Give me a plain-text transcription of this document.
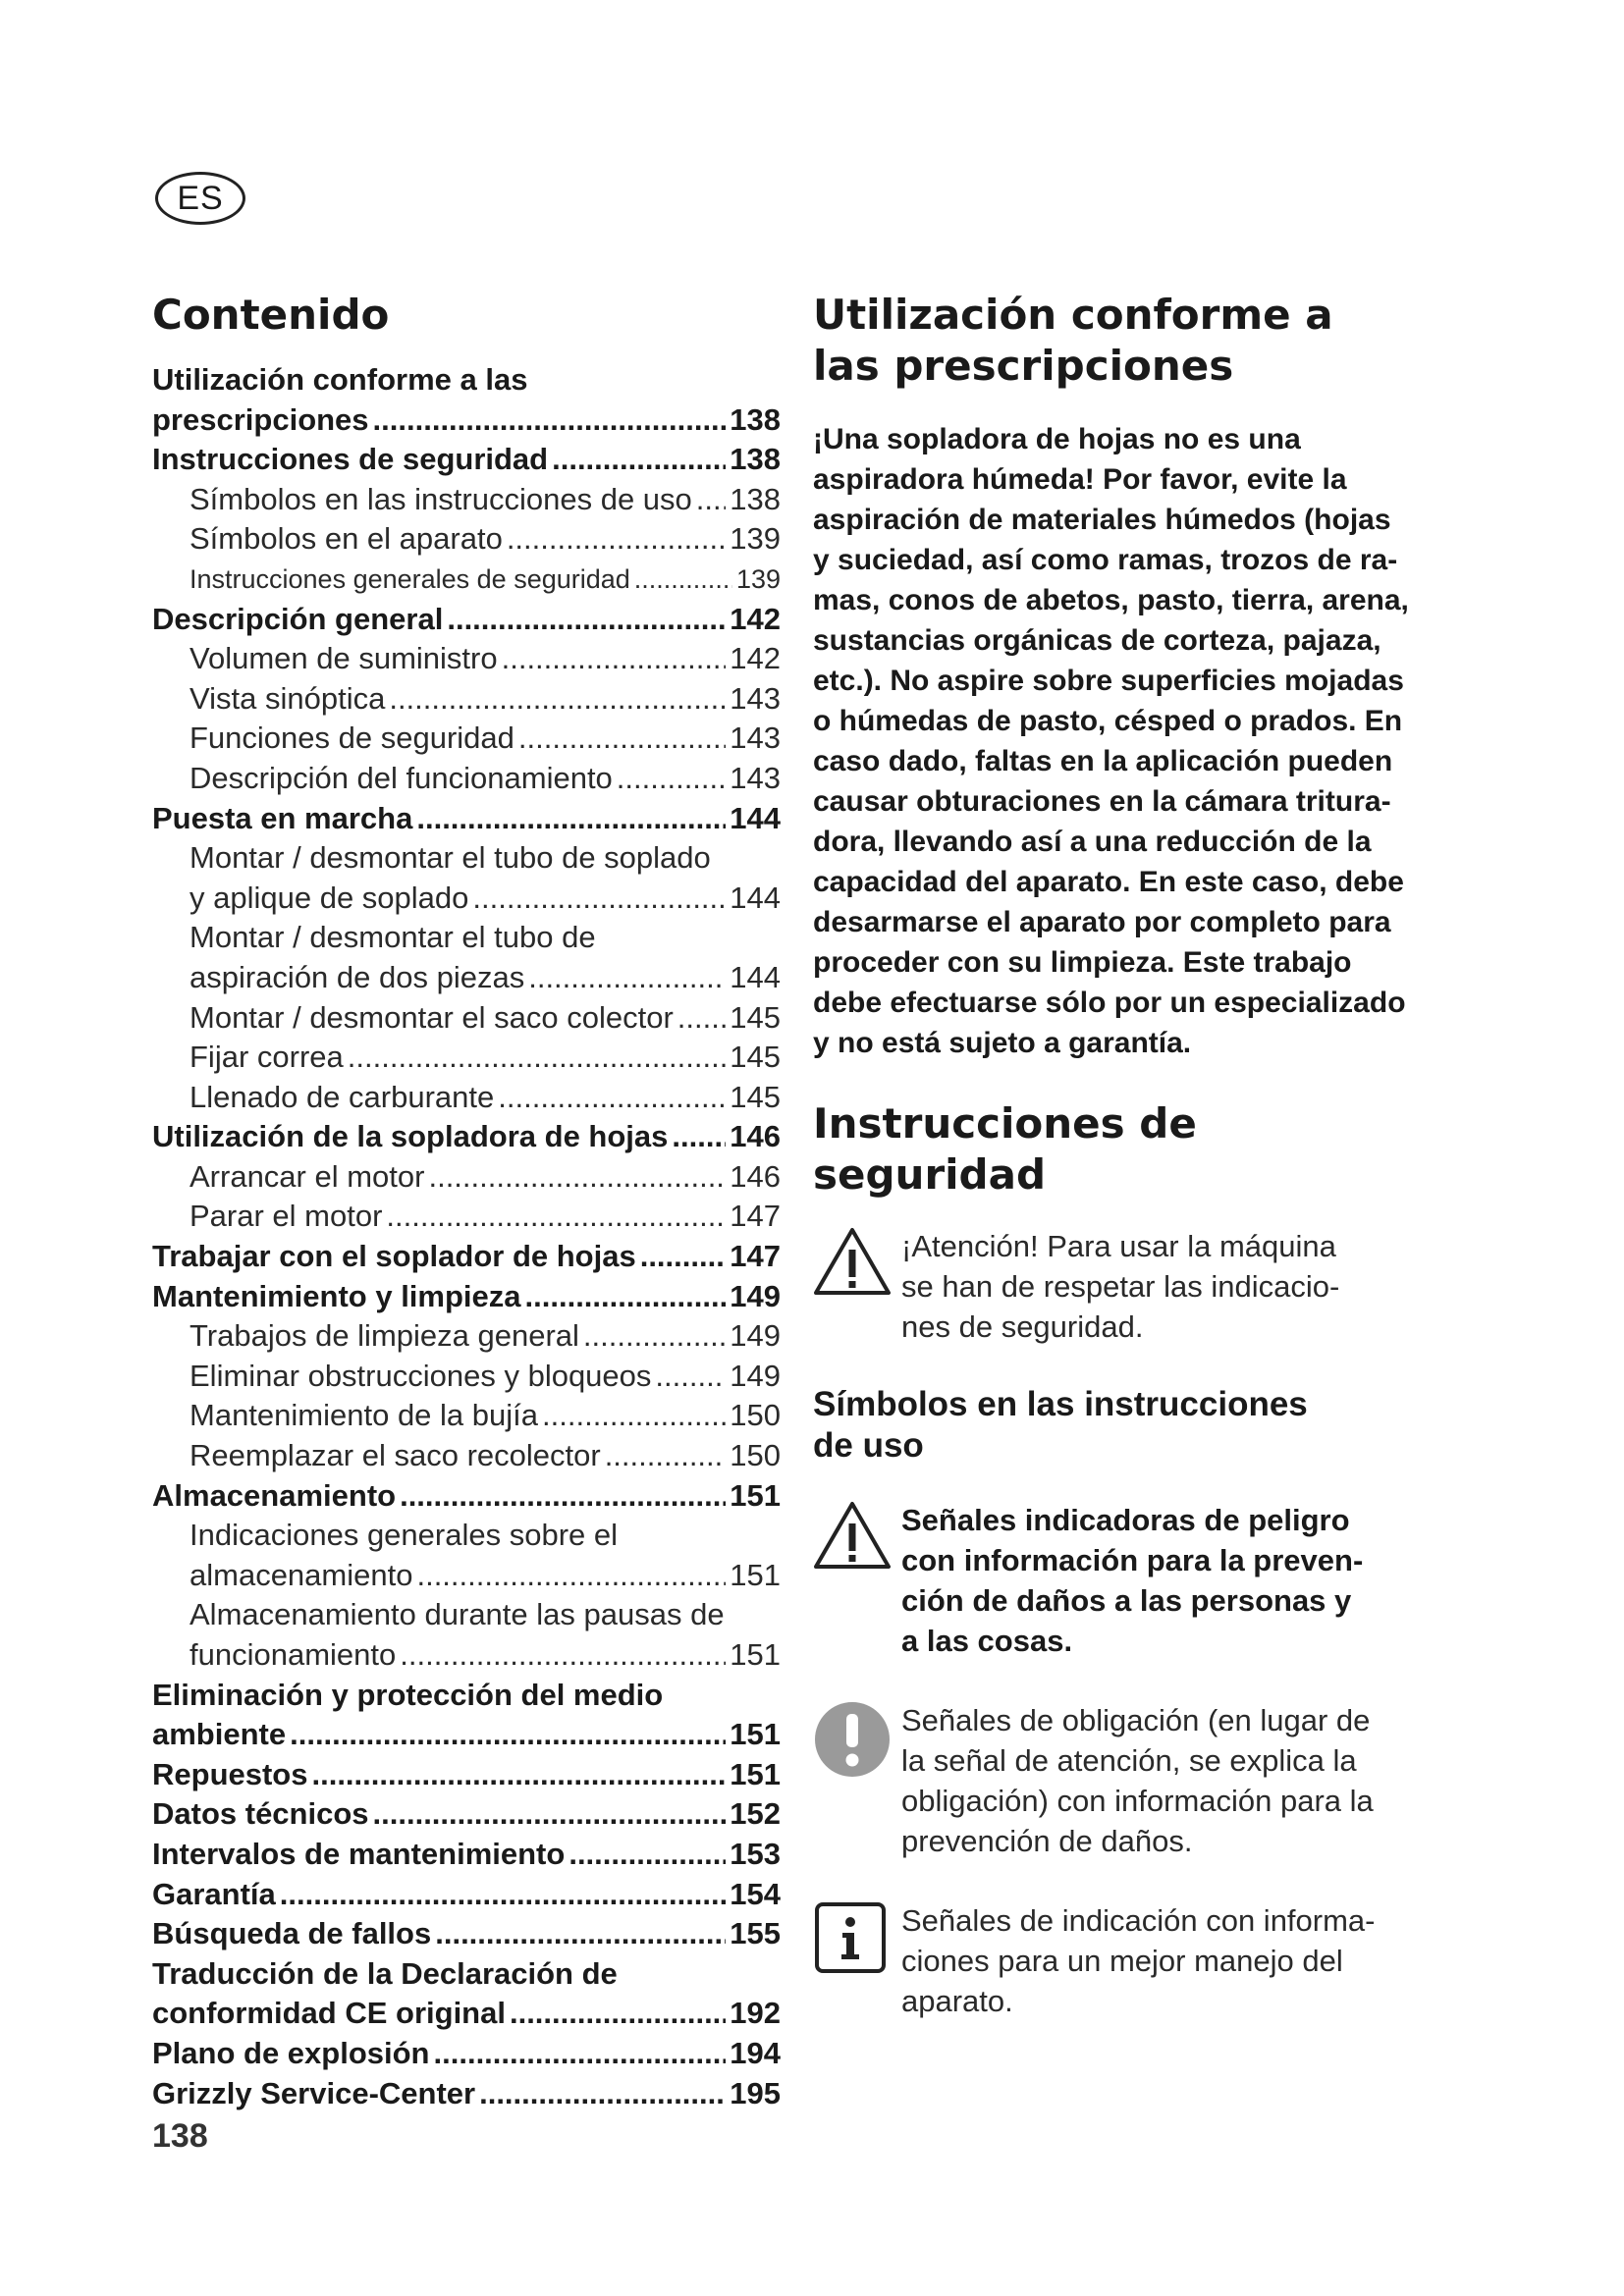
ES
Contenido
Utilización conforme a las
prescripciones .....	138
Instrucciones de seguridad .....	138
Símbolos en las instrucciones de uso ..... 138
Símbolos en el aparato .....	139
Instrucciones generales de seguridad .....	139
Descripción general .....	142
Volumen de suministro .....	142
Vista sinóptica .....	143
Funciones de seguridad .....	143
Descripción del funcionamiento .....	143
Puesta en marcha .....	144
Montar / desmontar el tubo de soplado
y aplique de soplado .....	144
Montar / desmontar el tubo de
aspiración de dos piezas .....	144
Montar / desmontar el saco colector ..... 145
Fijar correa .....	145
Llenado de carburante .....	145
Utilización de la sopladora de hojas ..... 146
Arrancar el motor .....	146
Parar el motor .....	147
Trabajar con el soplador de hojas .....	147
Mantenimiento y limpieza .....	149
Trabajos de limpieza general .....	149
Eliminar obstrucciones y bloqueos .....	149
Mantenimiento de la bujía .....	150
Reemplazar el saco recolector .....	150
Almacenamiento .....	151
Indicaciones generales sobre el
almacenamiento .....	151
Almacenamiento durante las pausas de
funcionamiento .....	151
Eliminación y protección del medio
ambiente .....	151
Repuestos .....	151
Datos técnicos .....	152
Intervalos de mantenimiento .....	153
Garantía .....	154
Búsqueda de fallos .....	155
Traducción de la Declaración de
conformidad CE original .....	192
Plano de explosión .....	194
Grizzly Service-Center .....	195
138
Utilización conforme a
las prescripciones

¡Una sopladora de hojas no es una
aspiradora húmeda! Por favor, evite la
aspiración de materiales húmedos (hojas
y suciedad, así como ramas, trozos de ra-
mas, conos de abetos, pasto, tierra, arena,
sustancias orgánicas de corteza, pajaza,
etc.). No aspire sobre superficies mojadas
o húmedas de pasto, césped o prados. En
caso dado, faltas en la aplicación pueden
causar obturaciones en la cámara tritura-
dora, llevando así a una reducción de la
capacidad del aparato. En este caso, debe
desarmarse el aparato por completo para
proceder con su limpieza. Este trabajo
debe efectuarse sólo por un especializado
y no está sujeto a garantía.

Instrucciones de
seguridad
¡Atención! Para usar la máquina
se han de respetar las indicacio-
nes de seguridad.
Símbolos en las instrucciones
de uso
Señales indicadoras de peligro
con información para la preven-
ción de daños a las personas y
a las cosas.
Señales de obligación (en lugar de
la señal de atención, se explica la
obligación) con información para la
prevención de daños.
Señales de indicación con informa-
ciones para un mejor manejo del
aparato.
